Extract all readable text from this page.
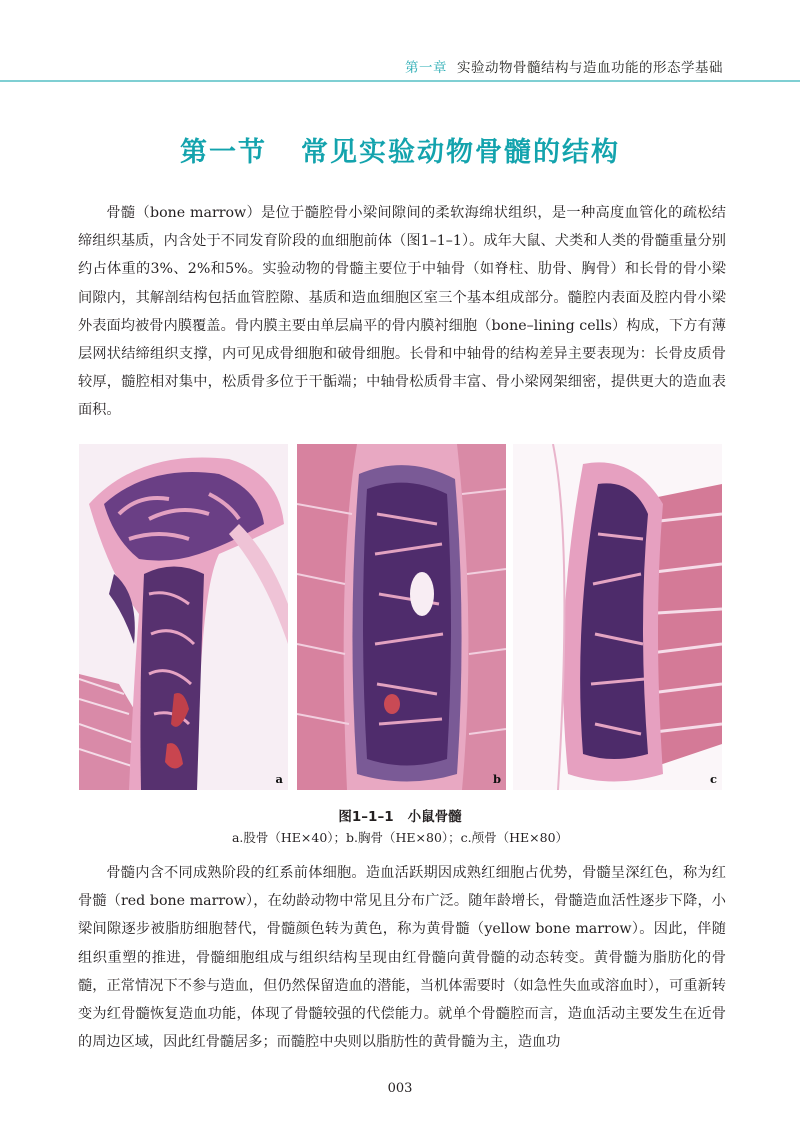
第一章 实验动物骨髓结构与造血功能的形态学基础
第一节 常见实验动物骨髓的结构

骨髓（bone marrow）是位于髓腔骨小梁间隙间的柔软海绵状组织，是一种高度血管化的疏松结缔组织基质，内含处于不同发育阶段的血细胞前体（图1–1–1）。成年大鼠、犬类和人类的骨髓重量分别约占体重的3%、2%和5%。实验动物的骨髓主要位于中轴骨（如脊柱、肋骨、胸骨）和长骨的骨小梁间隙内，其解剖结构包括血管腔隙、基质和造血细胞区室三个基本组成部分。髓腔内表面及腔内骨小梁外表面均被骨内膜覆盖。骨内膜主要由单层扁平的骨内膜衬细胞（bone–lining cells）构成，下方有薄层网状结缔组织支撑，内可见成骨细胞和破骨细胞。长骨和中轴骨的结构差异主要表现为：长骨皮质骨较厚，髓腔相对集中，松质骨多位于干骺端；中轴骨松质骨丰富、骨小梁网架细密，提供更大的造血表面积。

a	b	c
图1–1–1 小鼠骨髓
a.股骨（HE×40）；b.胸骨（HE×80）；c.颅骨（HE×80）

骨髓内含不同成熟阶段的红系前体细胞。造血活跃期因成熟红细胞占优势，骨髓呈深红色，称为红骨髓（red bone marrow），在幼龄动物中常见且分布广泛。随年龄增长，骨髓造血活性逐步下降，小梁间隙逐步被脂肪细胞替代，骨髓颜色转为黄色，称为黄骨髓（yellow bone marrow）。因此，伴随组织重塑的推进，骨髓细胞组成与组织结构呈现由红骨髓向黄骨髓的动态转变。黄骨髓为脂肪化的骨髓，正常情况下不参与造血，但仍然保留造血的潜能，当机体需要时（如急性失血或溶血时），可重新转变为红骨髓恢复造血功能，体现了骨髓较强的代偿能力。就单个骨髓腔而言，造血活动主要发生在近骨的周边区域，因此红骨髓居多；而髓腔中央则以脂肪性的黄骨髓为主，造血功

003
